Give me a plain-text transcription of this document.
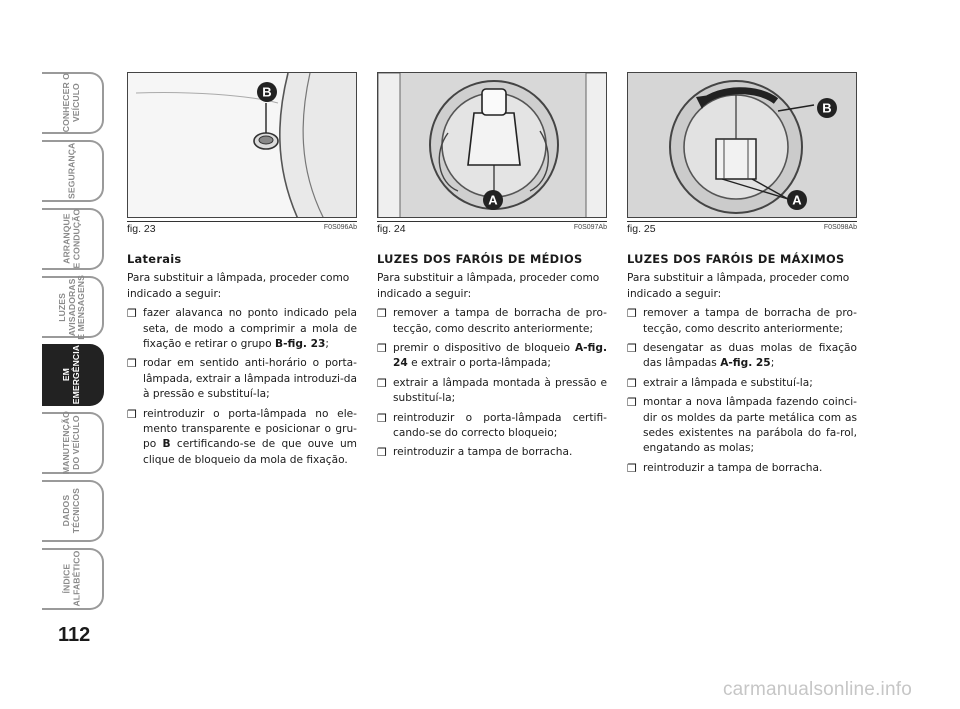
CONHECER O
VEÍCULO
SEGURANÇA
ARRANQUE
E CONDUÇÃO
LUZES
AVISADORAS
E MENSAGENS
EM
EMERGÊNCIA
MANUTENÇÃO
DO VEÍCULO
DADOS
TÉCNICOS
ÍNDICE
ALFABÉTICO
112
B
fig. 23	F0S096Ab
A
fig. 24	F0S097Ab
B
A
fig. 25	F0S098Ab
Laterais

Para substituir a lâmpada, proceder como indicado a seguir:

❒ fazer alavanca no ponto indicado pela seta, de modo a comprimir a mola de fixação e retirar o grupo B-fig. 23;
❒ rodar em sentido anti-horário o porta-lâmpada, extrair a lâmpada introduzi-da à pressão e substituí-la;
❒ reintroduzir o porta-lâmpada no ele-mento transparente e posicionar o gru-po B certificando-se de que ouve um clique de bloqueio da mola de fixação.
LUZES DOS FARÓIS DE MÉDIOS

Para substituir a lâmpada, proceder como indicado a seguir:

❒ remover a tampa de borracha de pro-tecção, como descrito anteriormente;
❒ premir o dispositivo de bloqueio A-fig. 24 e extrair o porta-lâmpada;
❒ extrair a lâmpada montada à pressão e substituí-la;
❒ reintroduzir o porta-lâmpada certifi-cando-se do correcto bloqueio;
❒ reintroduzir a tampa de borracha.
LUZES DOS FARÓIS DE MÁXIMOS

Para substituir a lâmpada, proceder como indicado a seguir:

❒ remover a tampa de borracha de pro-tecção, como descrito anteriormente;
❒ desengatar as duas molas de fixação das lâmpadas A-fig. 25;
❒ extrair a lâmpada e substituí-la;
❒ montar a nova lâmpada fazendo coinci-dir os moldes da parte metálica com as sedes existentes na parábola do fa-rol, engatando as molas;
❒ reintroduzir a tampa de borracha.
carmanualsonline.info
